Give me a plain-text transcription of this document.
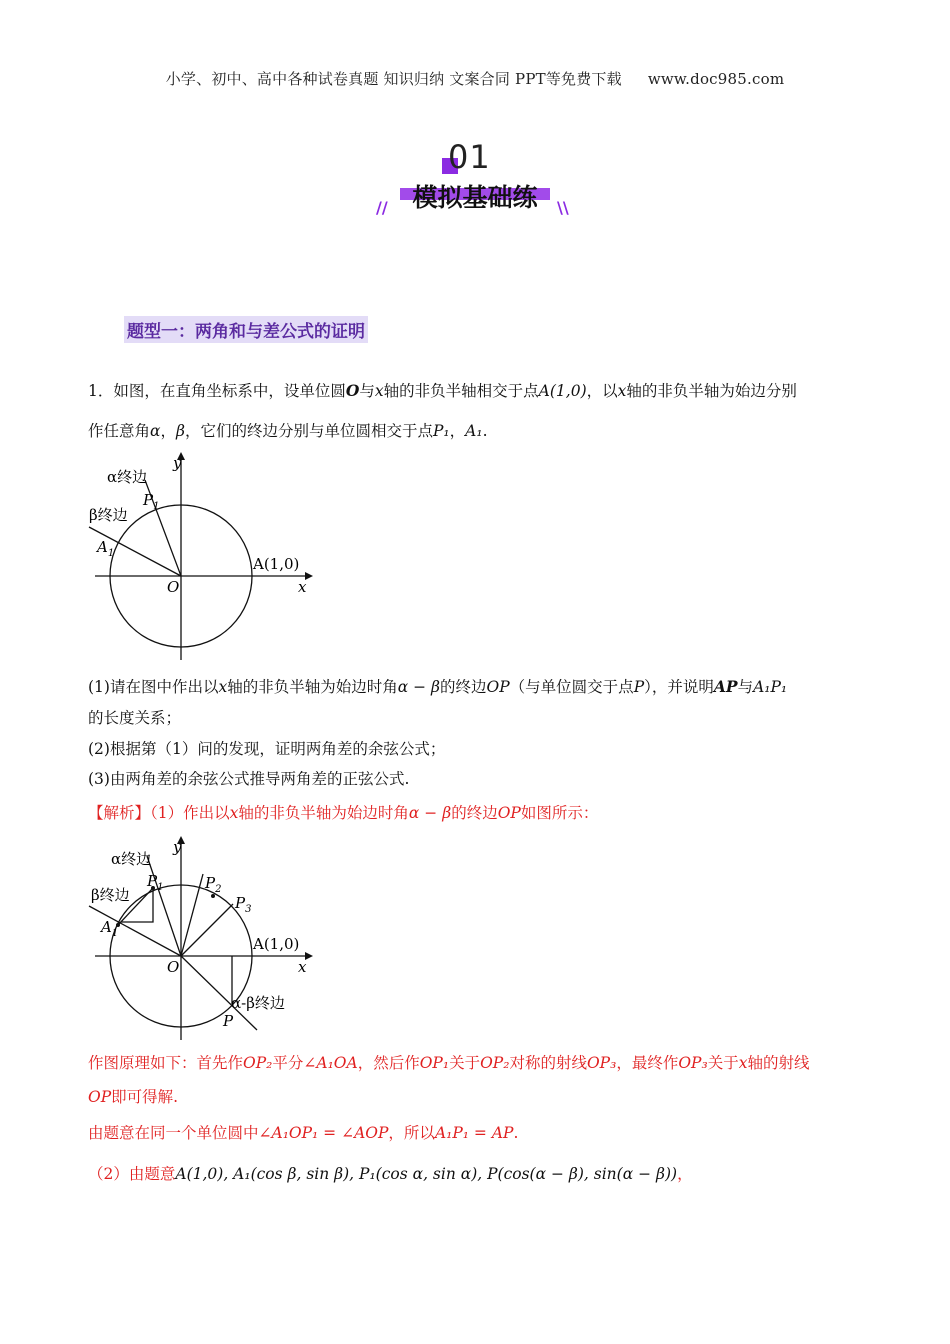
小学、初中、高中各种试卷真题 知识归纳 文案合同 PPT等免费下载 www.doc985.com
01
模拟基础练
//	\\
题型一：两角和与差公式的证明
1．如图，在直角坐标系中，设单位圆O与x轴的非负半轴相交于点A(1,0)，以x轴的非负半轴为始边分别
作任意角α，β，它们的终边分别与单位圆相交于点P₁，A₁.
y
x
O
A(1,0)
α终边
β终边
$P_1$
$A_1$
(1)请在图中作出以x轴的非负半轴为始边时角α − β的终边OP（与单位圆交于点P），并说明AP与A₁P₁
的长度关系；
(2)根据第（1）问的发现，证明两角差的余弦公式；
(3)由两角差的余弦公式推导两角差的正弦公式.
【解析】（1）作出以x轴的非负半轴为始边时角α − β的终边OP如图所示：
y
x
O
A(1,0)
α终边
β终边
α-β终边
$P_1$	$P_2$
$P_3$
$A_1$
P
作图原理如下：首先作OP₂平分∠A₁OA，然后作OP₁关于OP₂对称的射线OP₃，最终作OP₃关于x轴的射线
OP即可得解.
由题意在同一个单位圆中∠A₁OP₁ = ∠AOP，所以A₁P₁ = AP.
（2）由题意A(1,0), A₁(cos β, sin β), P₁(cos α, sin α), P(cos(α − β), sin(α − β))，
